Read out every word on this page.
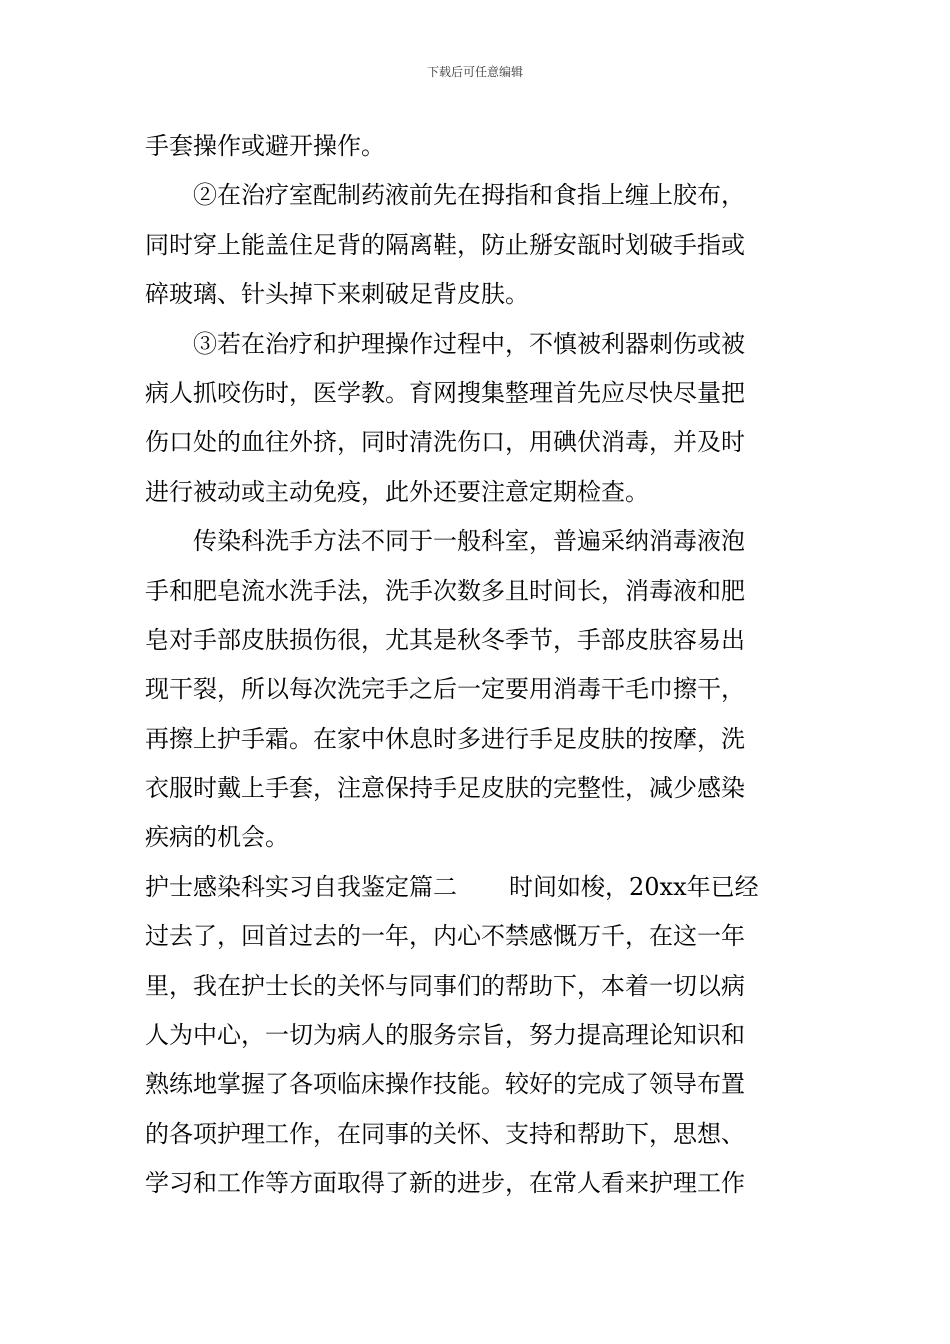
下载后可任意编辑
手套操作或避开操作。
②在治疗室配制药液前先在拇指和食指上缠上胶布，
同时穿上能盖住足背的隔离鞋，防止掰安瓿时划破手指或
碎玻璃、针头掉下来刺破足背皮肤。
③若在治疗和护理操作过程中，不慎被利器刺伤或被
病人抓咬伤时，医学教。育网搜集整理首先应尽快尽量把
伤口处的血往外挤，同时清洗伤口，用碘伏消毒，并及时
进行被动或主动免疫，此外还要注意定期检查。
传染科洗手方法不同于一般科室，普遍采纳消毒液泡
手和肥皂流水洗手法，洗手次数多且时间长，消毒液和肥
皂对手部皮肤损伤很，尤其是秋冬季节，手部皮肤容易出
现干裂，所以每次洗完手之后一定要用消毒干毛巾擦干，
再擦上护手霜。在家中休息时多进行手足皮肤的按摩，洗
衣服时戴上手套，注意保持手足皮肤的完整性，减少感染
疾病的机会。
护士感染科实习自我鉴定篇二 时间如梭，20xx年已经
过去了，回首过去的一年，内心不禁感慨万千，在这一年
里，我在护士长的关怀与同事们的帮助下，本着一切以病
人为中心，一切为病人的服务宗旨，努力提高理论知识和
熟练地掌握了各项临床操作技能。较好的完成了领导布置
的各项护理工作，在同事的关怀、支持和帮助下，思想、
学习和工作等方面取得了新的进步，在常人看来护理工作
